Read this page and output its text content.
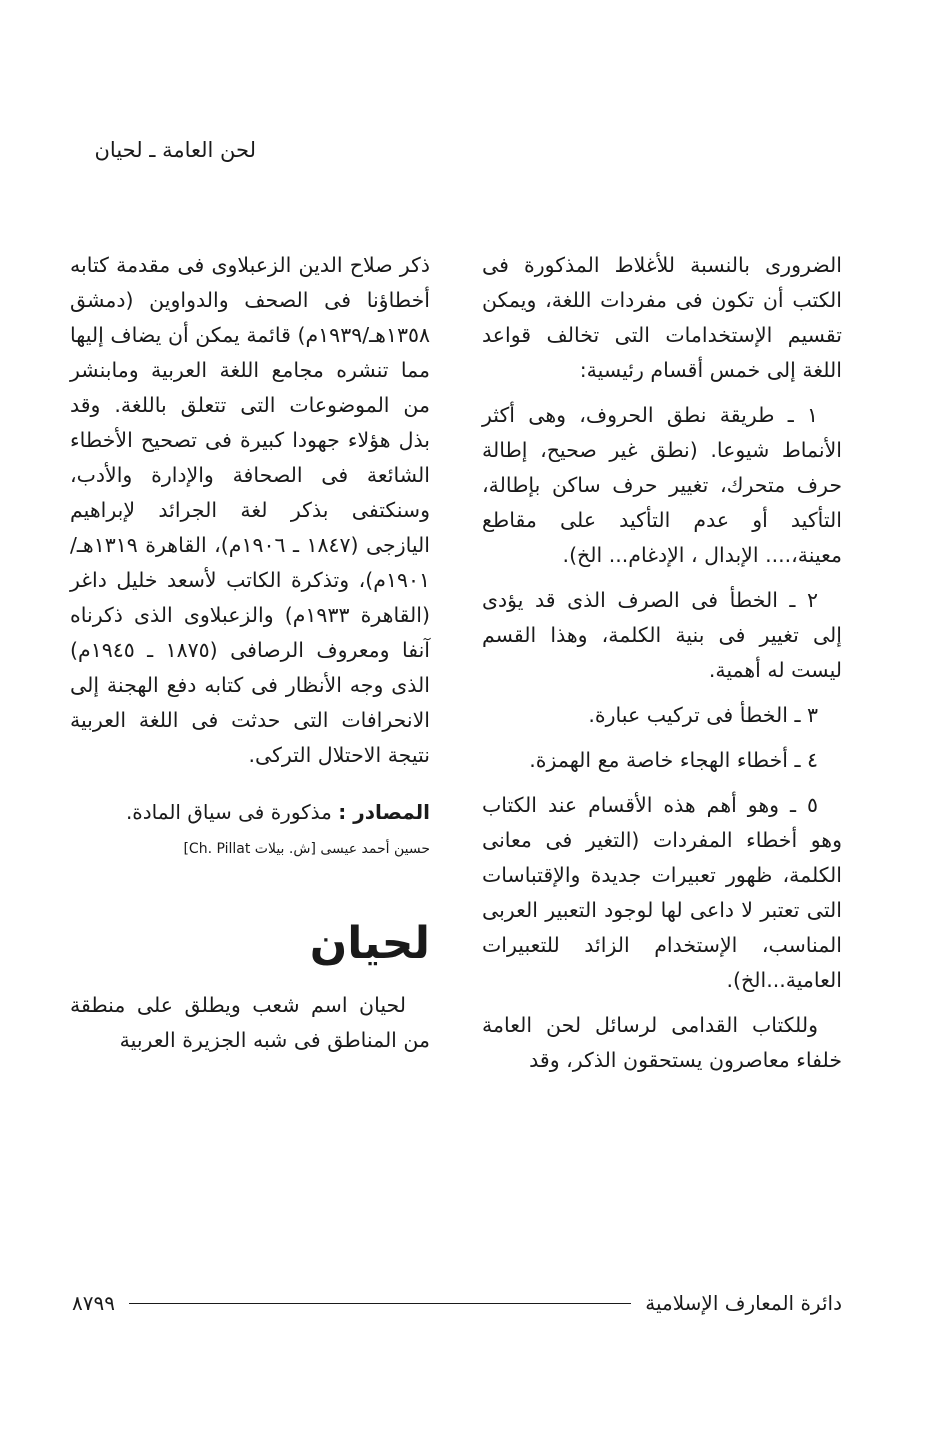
لحن العامة ـ لحيان

الضرورى بالنسبة للأغلاط المذكورة فى الكتب أن تكون فى مفردات اللغة، ويمكن تقسيم الإستخدامات التى تخالف قواعد اللغة إلى خمس أقسام رئيسية:

١ ـ طريقة نطق الحروف، وهى أكثر الأنماط شيوعا. (نطق غير صحيح، إطالة حرف متحرك، تغيير حرف ساكن بإطالة، التأكيد أو عدم التأكيد على مقاطع معينة،.... الإبدال ، الإدغام... الخ).

٢ ـ الخطأ فى الصرف الذى قد يؤدى إلى تغيير فى بنية الكلمة، وهذا القسم ليست له أهمية.

٣ ـ الخطأ فى تركيب عبارة.

٤ ـ أخطاء الهجاء خاصة مع الهمزة.

٥ ـ وهو أهم هذه الأقسام عند الكتاب وهو أخطاء المفردات (التغير فى معانى الكلمة، ظهور تعبيرات جديدة والإقتباسات التى تعتبر لا داعى لها لوجود التعبير العربى المناسب، الإستخدام الزائد للتعبيرات العامية...الخ).

وللكتاب القدامى لرسائل لحن العامة خلفاء معاصرون يستحقون الذكر، وقد

ذكر صلاح الدين الزعبلاوى فى مقدمة كتابه أخطاؤنا فى الصحف والدواوين (دمشق ١٣٥٨هـ/١٩٣٩م) قائمة يمكن أن يضاف إليها مما تنشره مجامع اللغة العربية ومابنشر من الموضوعات التى تتعلق باللغة. وقد بذل هؤلاء جهودا كبيرة فى تصحيح الأخطاء الشائعة فى الصحافة والإدارة والأدب، وسنكتفى بذكر لغة الجرائد لإبراهيم اليازجى (١٨٤٧ ـ ١٩٠٦م)، القاهرة ١٣١٩هـ/١٩٠١م)، وتذكرة الكاتب لأسعد خليل داغر (القاهرة ١٩٣٣م) والزعبلاوى الذى ذكرناه آنفا ومعروف الرصافى (١٨٧٥ ـ ١٩٤٥م) الذى وجه الأنظار فى كتابه دفع الهجنة إلى الانحرافات التى حدثت فى اللغة العربية نتيجة الاحتلال التركى.

المصادر : مذكورة فى سياق المادة.
حسين أحمد عيسى [ش. بيلات Ch. Pillat]
لحيان

لحيان اسم شعب ويطلق على منطقة من المناطق فى شبه الجزيرة العربية

دائرة المعارف الإسلامية
٨٧٩٩
